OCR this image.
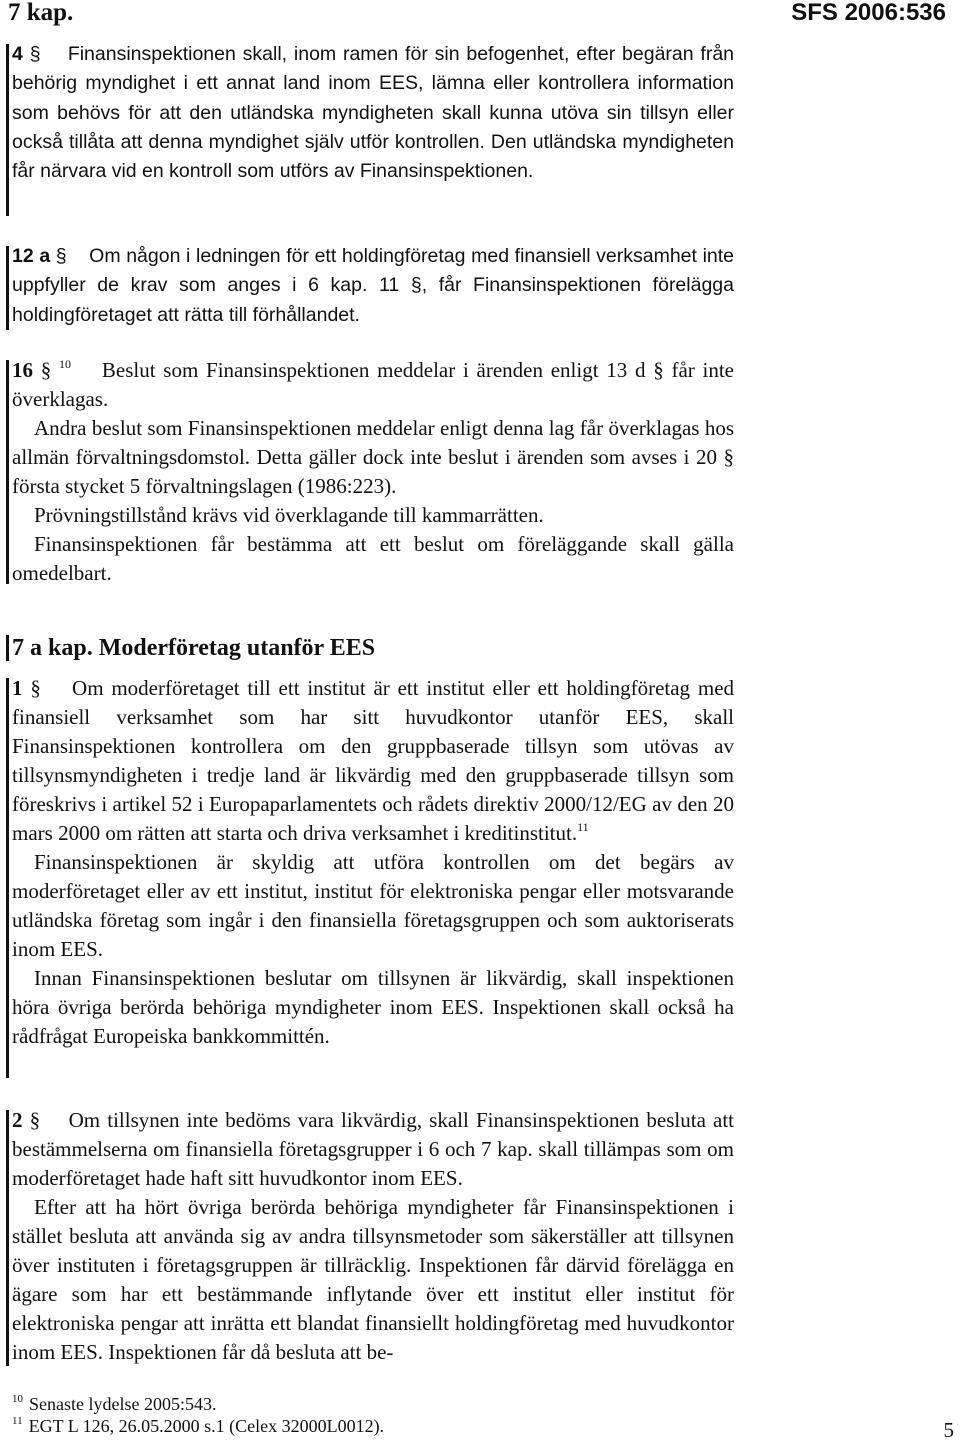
7 kap.	SFS 2006:536

4 § Finansinspektionen skall, inom ramen för sin befogenhet, efter begäran från behörig myndighet i ett annat land inom EES, lämna eller kontrollera information som behövs för att den utländska myndigheten skall kunna utöva sin tillsyn eller också tillåta att denna myndighet själv utför kontrollen. Den utländska myndigheten får närvara vid en kontroll som utförs av Finansinspektionen.

12 a § Om någon i ledningen för ett holdingföretag med finansiell verksamhet inte uppfyller de krav som anges i 6 kap. 11 §, får Finansinspektionen förelägga holdingföretaget att rätta till förhållandet.

16 § $^{10}$ Beslut som Finansinspektionen meddelar i ärenden enligt 13 d § får inte överklagas.

Andra beslut som Finansinspektionen meddelar enligt denna lag får överklagas hos allmän förvaltningsdomstol. Detta gäller dock inte beslut i ärenden som avses i 20 § första stycket 5 förvaltningslagen (1986:223).

Prövningstillstånd krävs vid överklagande till kammarrätten.

Finansinspektionen får bestämma att ett beslut om föreläggande skall gälla omedelbart.

7 a kap. Moderföretag utanför EES

1 § Om moderföretaget till ett institut är ett institut eller ett holdingföretag med finansiell verksamhet som har sitt huvudkontor utanför EES, skall Finansinspektionen kontrollera om den gruppbaserade tillsyn som utövas av tillsynsmyndigheten i tredje land är likvärdig med den gruppbaserade tillsyn som föreskrivs i artikel 52 i Europaparlamentets och rådets direktiv 2000/12/EG av den 20 mars 2000 om rätten att starta och driva verksamhet i kreditinstitut.$^{11}$

Finansinspektionen är skyldig att utföra kontrollen om det begärs av moderföretaget eller av ett institut, institut för elektroniska pengar eller motsvarande utländska företag som ingår i den finansiella företagsgruppen och som auktoriserats inom EES.

Innan Finansinspektionen beslutar om tillsynen är likvärdig, skall inspektionen höra övriga berörda behöriga myndigheter inom EES. Inspektionen skall också ha rådfrågat Europeiska bankkommittén.

2 § Om tillsynen inte bedöms vara likvärdig, skall Finansinspektionen besluta att bestämmelserna om finansiella företagsgrupper i 6 och 7 kap. skall tillämpas som om moderföretaget hade haft sitt huvudkontor inom EES.

Efter att ha hört övriga berörda behöriga myndigheter får Finansinspektionen i stället besluta att använda sig av andra tillsynsmetoder som säkerställer att tillsynen över instituten i företagsgruppen är tillräcklig. Inspektionen får därvid förelägga en ägare som har ett bestämmande inflytande över ett institut eller institut för elektroniska pengar att inrätta ett blandat finansiellt holdingföretag med huvudkontor inom EES. Inspektionen får då besluta att be-

$^{10}$ Senaste lydelse 2005:543.
$^{11}$ EGT L 126, 26.05.2000 s.1 (Celex 32000L0012).	5
